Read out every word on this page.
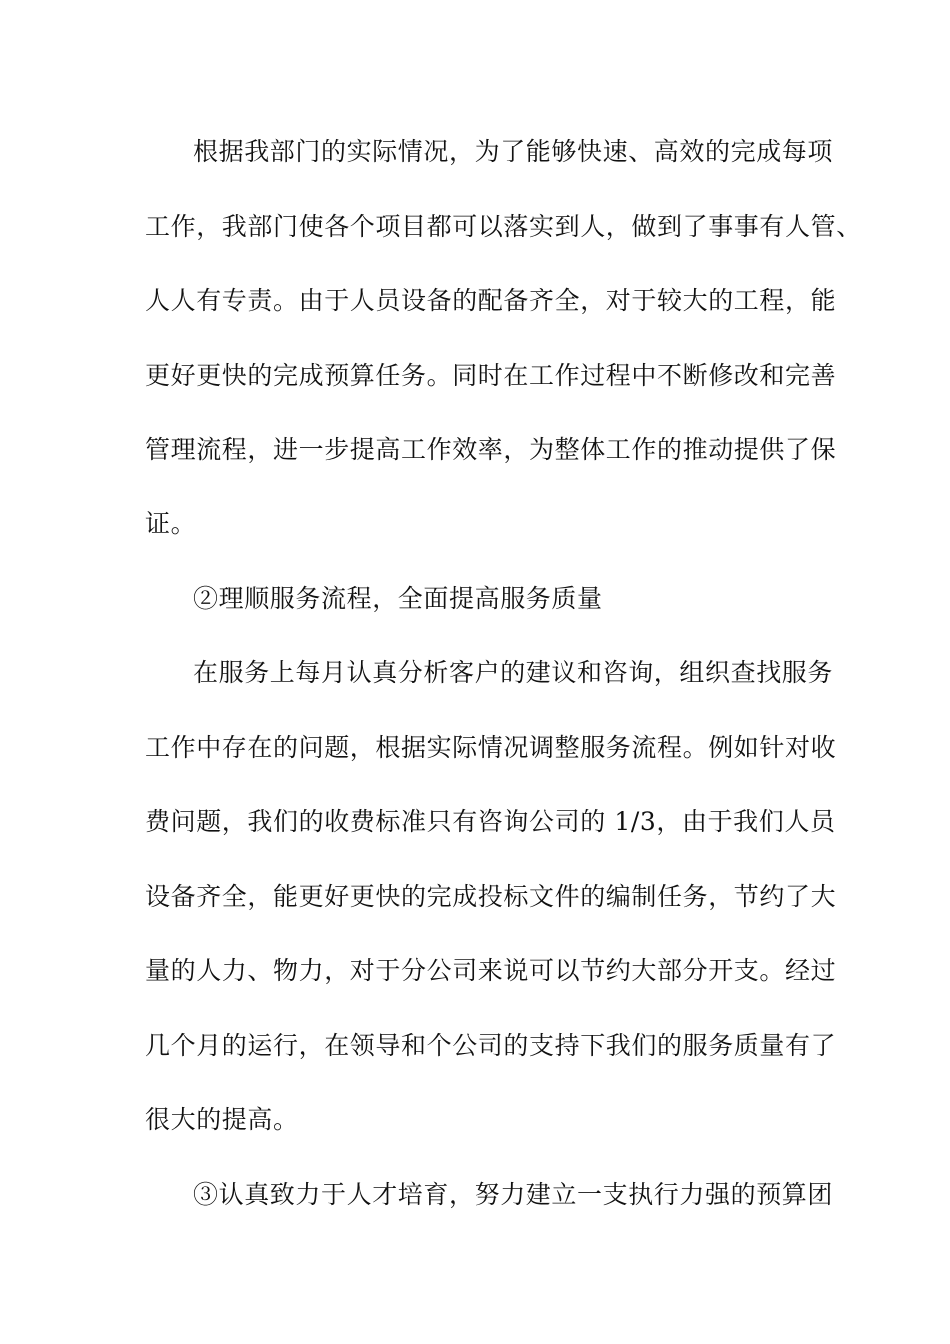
根据我部门的实际情况，为了能够快速、高效的完成每项
工作，我部门使各个项目都可以落实到人，做到了事事有人管、
人人有专责。由于人员设备的配备齐全，对于较大的工程，能
更好更快的完成预算任务。同时在工作过程中不断修改和完善
管理流程，进一步提高工作效率，为整体工作的推动提供了保
证。
②理顺服务流程，全面提高服务质量
在服务上每月认真分析客户的建议和咨询，组织查找服务
工作中存在的问题，根据实际情况调整服务流程。例如针对收
费问题，我们的收费标准只有咨询公司的 1/3，由于我们人员
设备齐全，能更好更快的完成投标文件的编制任务，节约了大
量的人力、物力，对于分公司来说可以节约大部分开支。经过
几个月的运行，在领导和个公司的支持下我们的服务质量有了
很大的提高。
③认真致力于人才培育，努力建立一支执行力强的预算团
